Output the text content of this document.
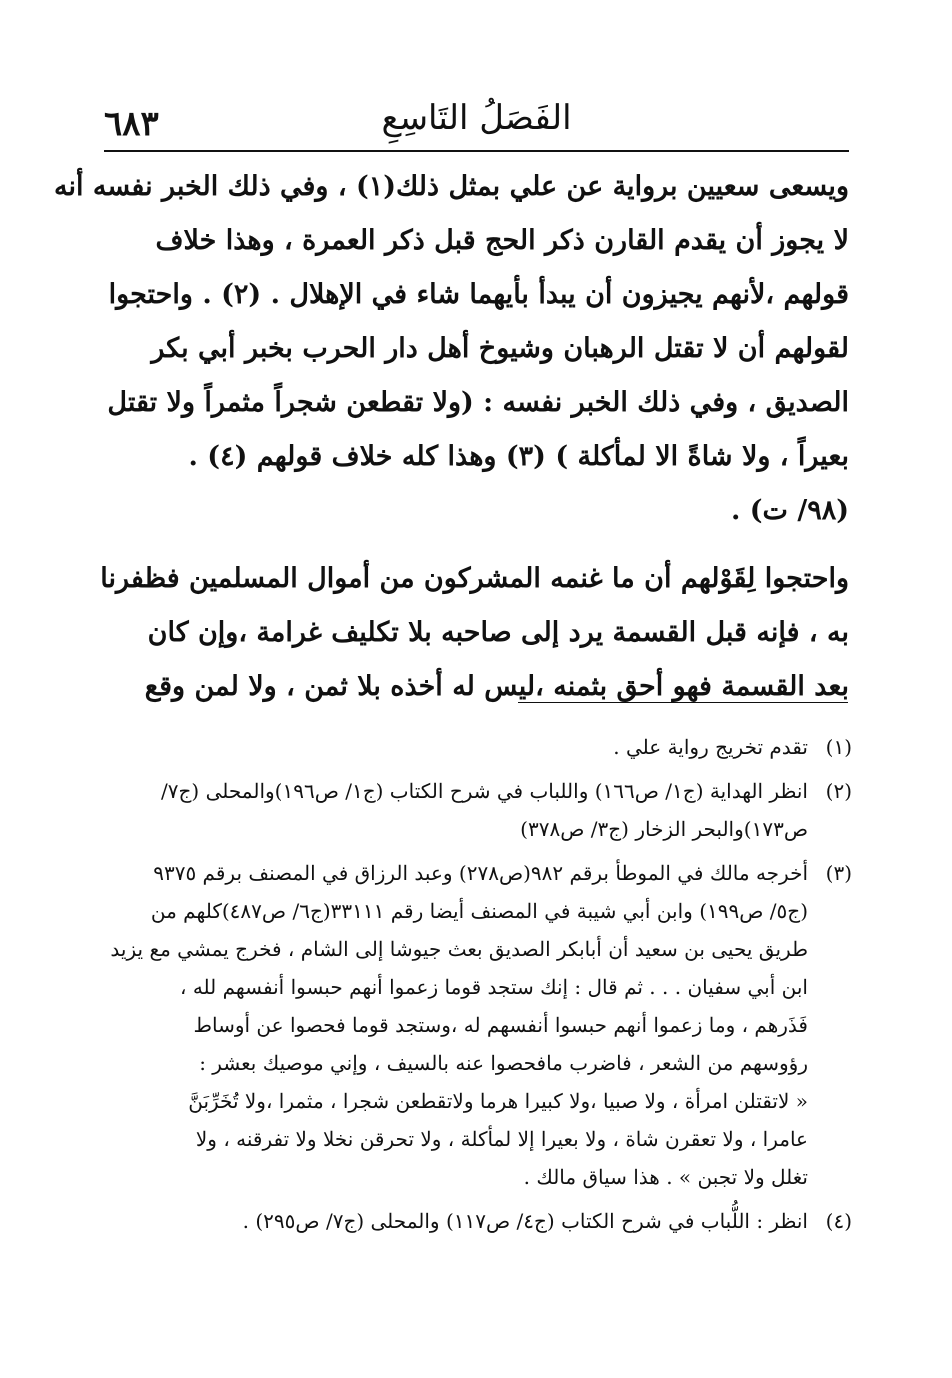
الفَصَلُ التَاسِعِ
٦٨٣
ويسعى سعيين برواية عن علي بمثل ذلك(١) ، وفي ذلك الخبر نفسه أنه
لا يجوز أن يقدم القارن ذكر الحج قبل ذكر العمرة ، وهذا خلاف
قولهم ،لأنهم يجيزون أن يبدأ بأيهما شاء في الإهلال . (٢) . واحتجوا
لقولهم أن لا تقتل الرهبان وشيوخ أهل دار الحرب بخبر أبي بكر
الصديق ، وفي ذلك الخبر نفسه : (ولا تقطعن شجراً مثمراً ولا تقتل
بعيراً ، ولا شاةً الا لمأكلة ) (٣) وهذا كله خلاف قولهم (٤) .
(٩٨/ ت) .
واحتجوا لِقَوْلهم أن ما غنمه المشركون من أموال المسلمين فظفرنا
به ، فإنه قبل القسمة يرد إلى صاحبه بلا تكليف غرامة ،وإن كان
بعد القسمة فهو أحق بثمنه ،ليس له أخذه بلا ثمن ، ولا لمن وقع
(١)
تقدم تخريج رواية علي .
(٢)
انظر الهداية (ج١/ ص١٦٦) واللباب في شرح الكتاب (ج١/ ص١٩٦)والمحلى (ج٧/
ص١٧٣)والبحر الزخار (ج٣/ ص٣٧٨)
(٣)
أخرجه مالك في الموطأ برقم ٩٨٢(ص٢٧٨) وعبد الرزاق في المصنف برقم ٩٣٧٥
(ج٥/ ص١٩٩) وابن أبي شيبة في المصنف أيضا رقم ٣٣١١١(ج٦/ ص٤٨٧)كلهم من
طريق يحيى بن سعيد أن أبابكر الصديق بعث جيوشا إلى الشام ، فخرج يمشي مع يزيد
ابن أبي سفيان . . . ثم قال : إنك ستجد قوما زعموا أنهم حبسوا أنفسهم لله ،
فَذَرهم ، وما زعموا أنهم حبسوا أنفسهم له ،وستجد قوما فحصوا عن أوساط
رؤوسهم من الشعر ، فاضرب مافحصوا عنه بالسيف ، وإني موصيك بعشر :
« لاتقتلن امرأة ، ولا صبيا ،ولا كبيرا هرما ولاتقطعن شجرا ، مثمرا ،ولا تُخَرِّبَنَّ
عامرا ، ولا تعقرن شاة ، ولا بعيرا إلا لمأكلة ، ولا تحرقن نخلا ولا تفرقنه ، ولا
تغلل ولا تجبن » . هذا سياق مالك .
(٤)
انظر : اللُّباب في شرح الكتاب (ج٤/ ص١١٧) والمحلى (ج٧/ ص٢٩٥) .
